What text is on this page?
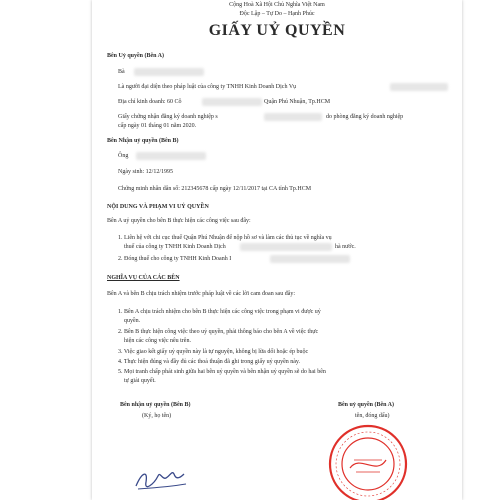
Cộng Hoà Xã Hội Chủ Nghĩa Việt Nam
Độc Lập – Tự Do – Hạnh Phúc
GIẤY UỶ QUYỀN
Bên Uỷ quyền (Bên A)
Bà
Là người đại diện theo pháp luật của công ty TNHH Kinh Doanh Dịch Vụ
Địa chỉ kinh doanh: 60 Cô	Quận Phú Nhuận, Tp.HCM
Giấy chứng nhận đăng ký doanh nghiệp s	do phòng đăng ký doanh nghiệp
cấp ngày 01 tháng 01 năm 2020.
Bên Nhận uỷ quyền (Bên B)
Ông
Ngày sinh: 12/12/1995
Chứng minh nhân dân số: 212345678 cấp ngày 12/11/2017 tại CA tỉnh Tp.HCM
NỘI DUNG VÀ PHẠM VI UỶ QUYỀN
Bên A uỷ quyền cho bên B thực hiện các công việc sau đây:
1. Liên hệ với chi cục thuế Quận Phú Nhuận để nộp hồ sơ và làm các thủ tục về nghĩa vụ
thuế của công ty TNHH Kinh Doanh Dịch	hà nước.
2. Đóng thuế cho công ty TNHH Kinh Doanh I
NGHĨA VỤ CỦA CÁC BÊN
Bên A và bên B chịu trách nhiệm trước pháp luật về các lời cam đoan sau đây:
1. Bên A chịu trách nhiệm cho bên B thực hiện các công việc trong phạm vi được uỷ
quyền.
2. Bên B thực hiện công việc theo uỷ quyền, phải thông báo cho bên A về việc thực
hiện các công việc nêu trên.
3. Việc giao kết giấy uỷ quyền này là tự nguyện, không bị lừa dối hoặc ép buộc
4. Thực hiện đúng và đầy đủ các thoả thuận đã ghi trong giấy uỷ quyền này.
5. Mọi tranh chấp phát sinh giữa hai bên uỷ quyền và bên nhận uỷ quyền sẽ do hai bên
tự giải quyết.
Bên nhận uỷ quyền (Bên B)
(Ký, họ tên)
Bên uỷ quyền (Bên A)
tên, đóng dấu)
